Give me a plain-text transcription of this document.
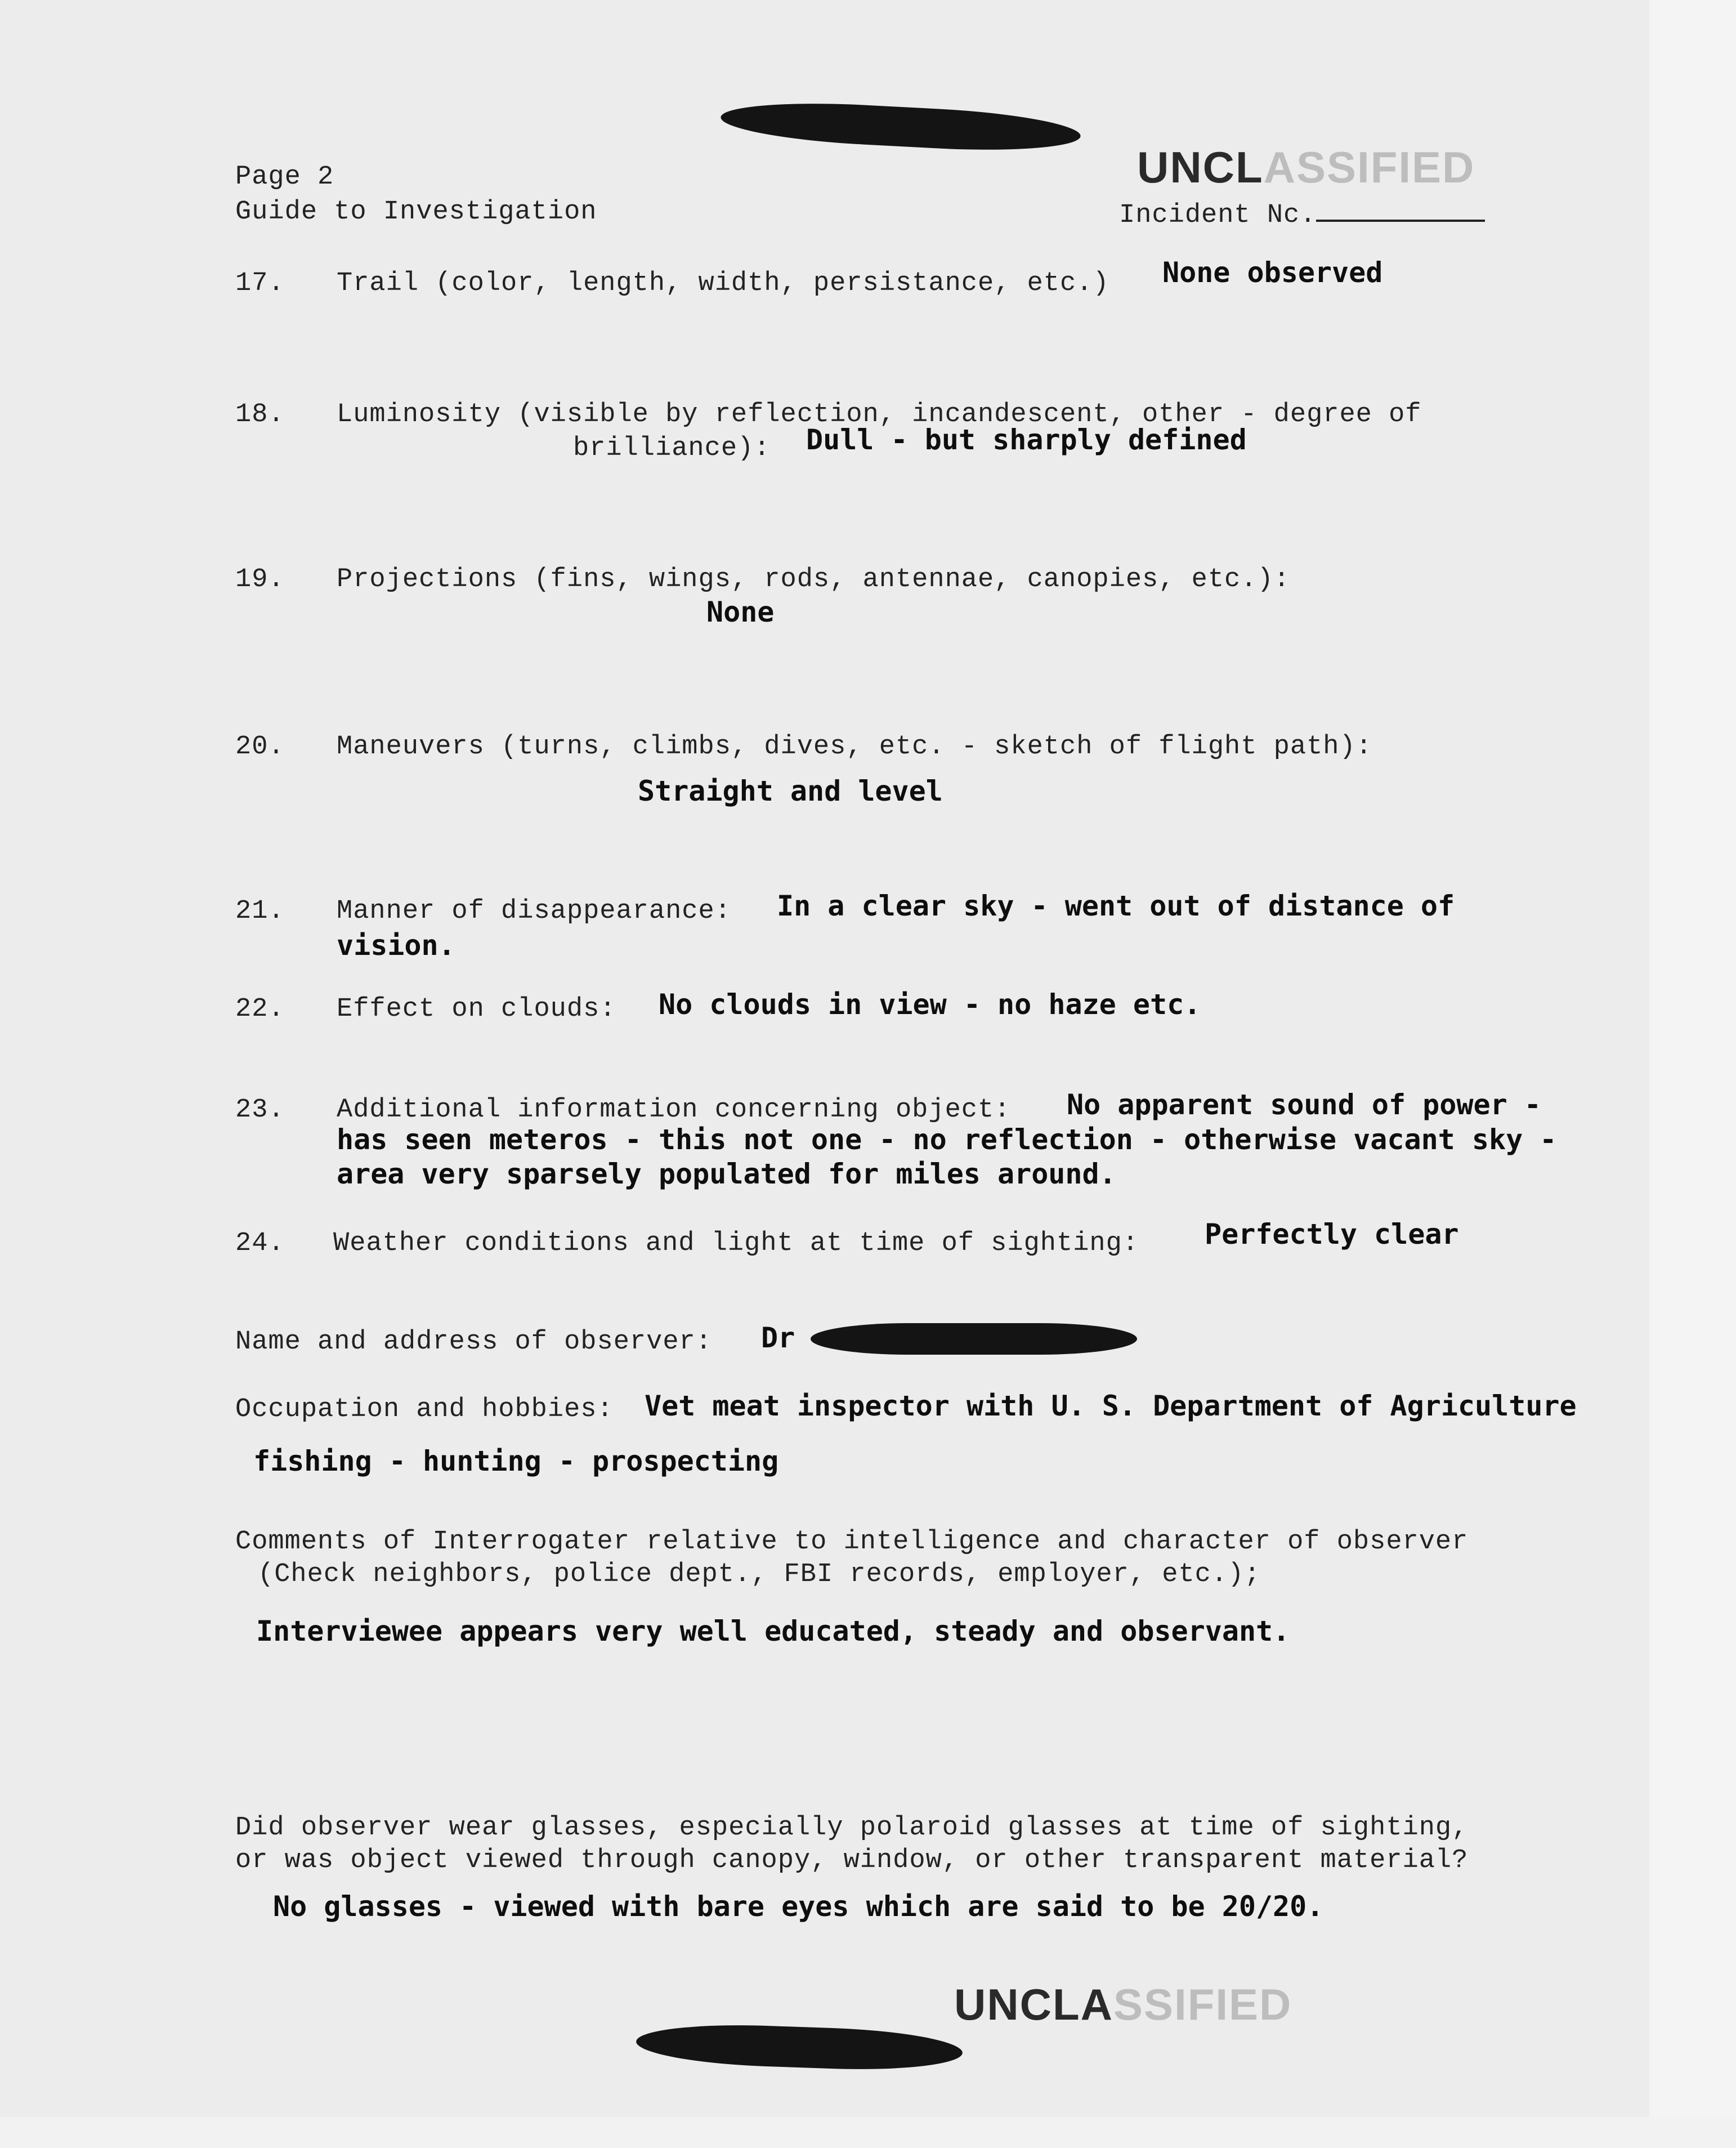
UNCLASSIFIED
Page 2
Guide to Investigation	Incident Nc.
17. Trail (color, length, width, persistance, etc.) None observed
18. Luminosity (visible by reflection, incandescent, other - degree of
brilliance): Dull - but sharply defined
19. Projections (fins, wings, rods, antennae, canopies, etc.):
None
20. Maneuvers (turns, climbs, dives, etc. - sketch of flight path):
Straight and level
21. Manner of disappearance: In a clear sky - went out of distance of
vision.
22. Effect on clouds: No clouds in view - no haze etc.
23. Additional information concerning object: No apparent sound of power -
has seen meteros - this not one - no reflection - otherwise vacant sky -
area very sparsely populated for miles around.
24. Weather conditions and light at time of sighting: Perfectly clear
Name and address of observer: Dr
Occupation and hobbies: Vet meat inspector with U. S. Department of Agriculture
fishing - hunting - prospecting
Comments of Interrogater relative to intelligence and character of observer
(Check neighbors, police dept., FBI records, employer, etc.);
Interviewee appears very well educated, steady and observant.
Did observer wear glasses, especially polaroid glasses at time of sighting,
or was object viewed through canopy, window, or other transparent material?
No glasses - viewed with bare eyes which are said to be 20/20.
UNCLASSIFIED
